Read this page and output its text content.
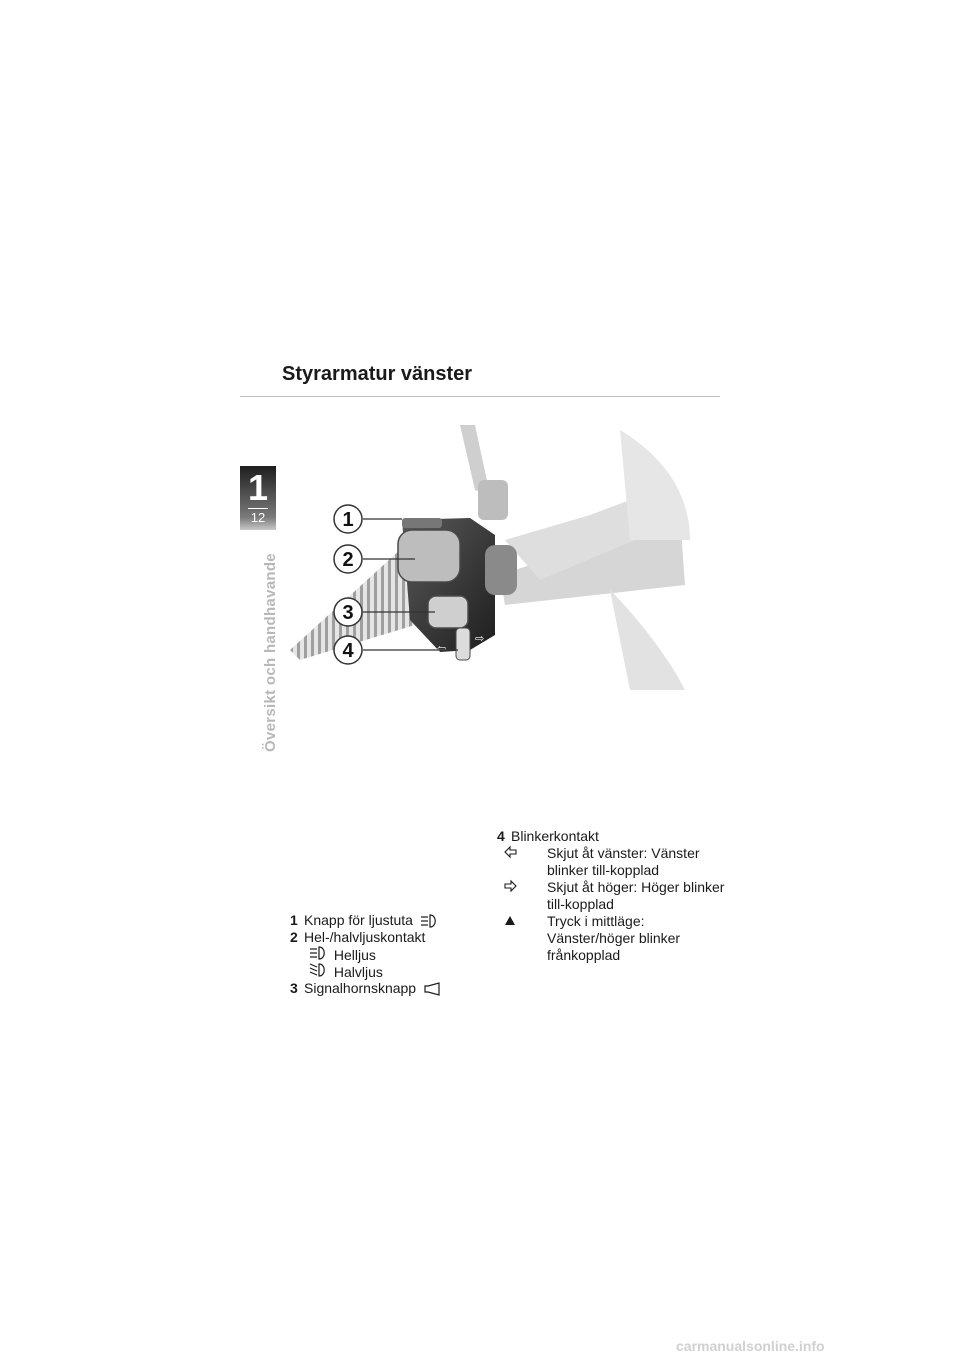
1
12
Översikt och handhavande
Styrarmatur vänster
⇦
⇨
1
2
3
4
1 Knapp för ljustuta
2 Hel-/halvljuskontakt
Helljus
Halvljus
3 Signalhornsknapp
4 Blinkerkontakt
Skjut åt vänster: Vänster blinker till-kopplad
Skjut åt höger: Höger blinker till-kopplad
Tryck i mittläge: Vänster/höger blinker frånkopplad
carmanualsonline.info
